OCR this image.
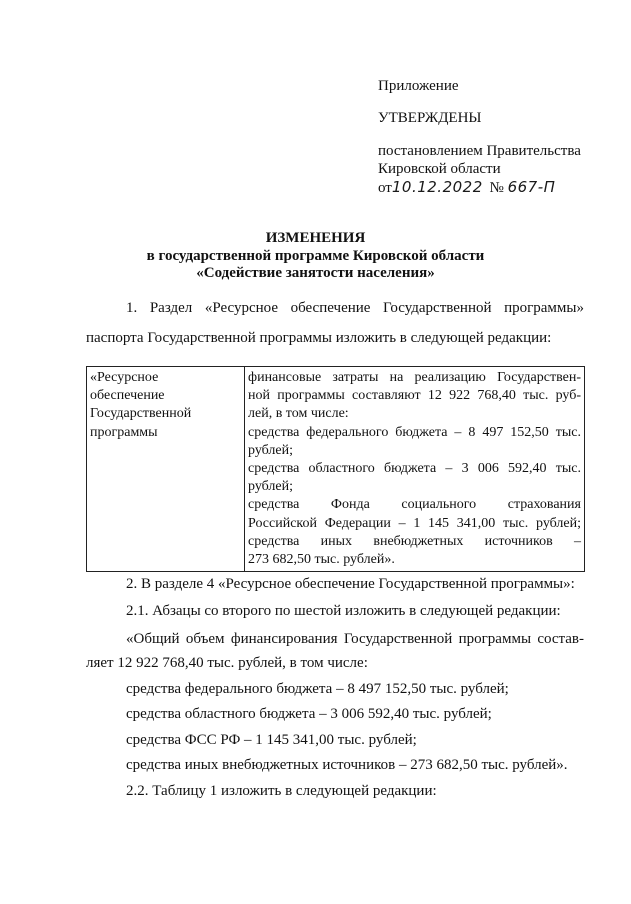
Приложение
УТВЕРЖДЕНЫ
постановлением Правительства
Кировской области
от10.12.2022 № 667-П
ИЗМЕНЕНИЯ
в государственной программе Кировской области
«Содействие занятости населения»
1. Раздел «Ресурсное обеспечение Государственной программы»
паспорта Государственной программы изложить в следующей редакции:
«Ресурсное
обеспечение
Государственной
программы

финансовые затраты на реализацию Государствен-
ной программы составляют 12 922 768,40 тыс. руб-
лей, в том числе:
средства федерального бюджета – 8 497 152,50 тыс.
рублей;
средства областного бюджета – 3 006 592,40 тыс.
рублей;
средства Фонда социального страхования
Российской Федерации – 1 145 341,00 тыс. рублей;
средства иных внебюджетных источников –
273 682,50 тыс. рублей».
2. В разделе 4 «Ресурсное обеспечение Государственной программы»:
2.1. Абзацы со второго по шестой изложить в следующей редакции:
«Общий объем финансирования Государственной программы состав-
ляет 12 922 768,40 тыс. рублей, в том числе:
средства федерального бюджета – 8 497 152,50 тыс. рублей;
средства областного бюджета – 3 006 592,40 тыс. рублей;
средства ФСС РФ – 1 145 341,00 тыс. рублей;
средства иных внебюджетных источников – 273 682,50 тыс. рублей».
2.2. Таблицу 1 изложить в следующей редакции:
